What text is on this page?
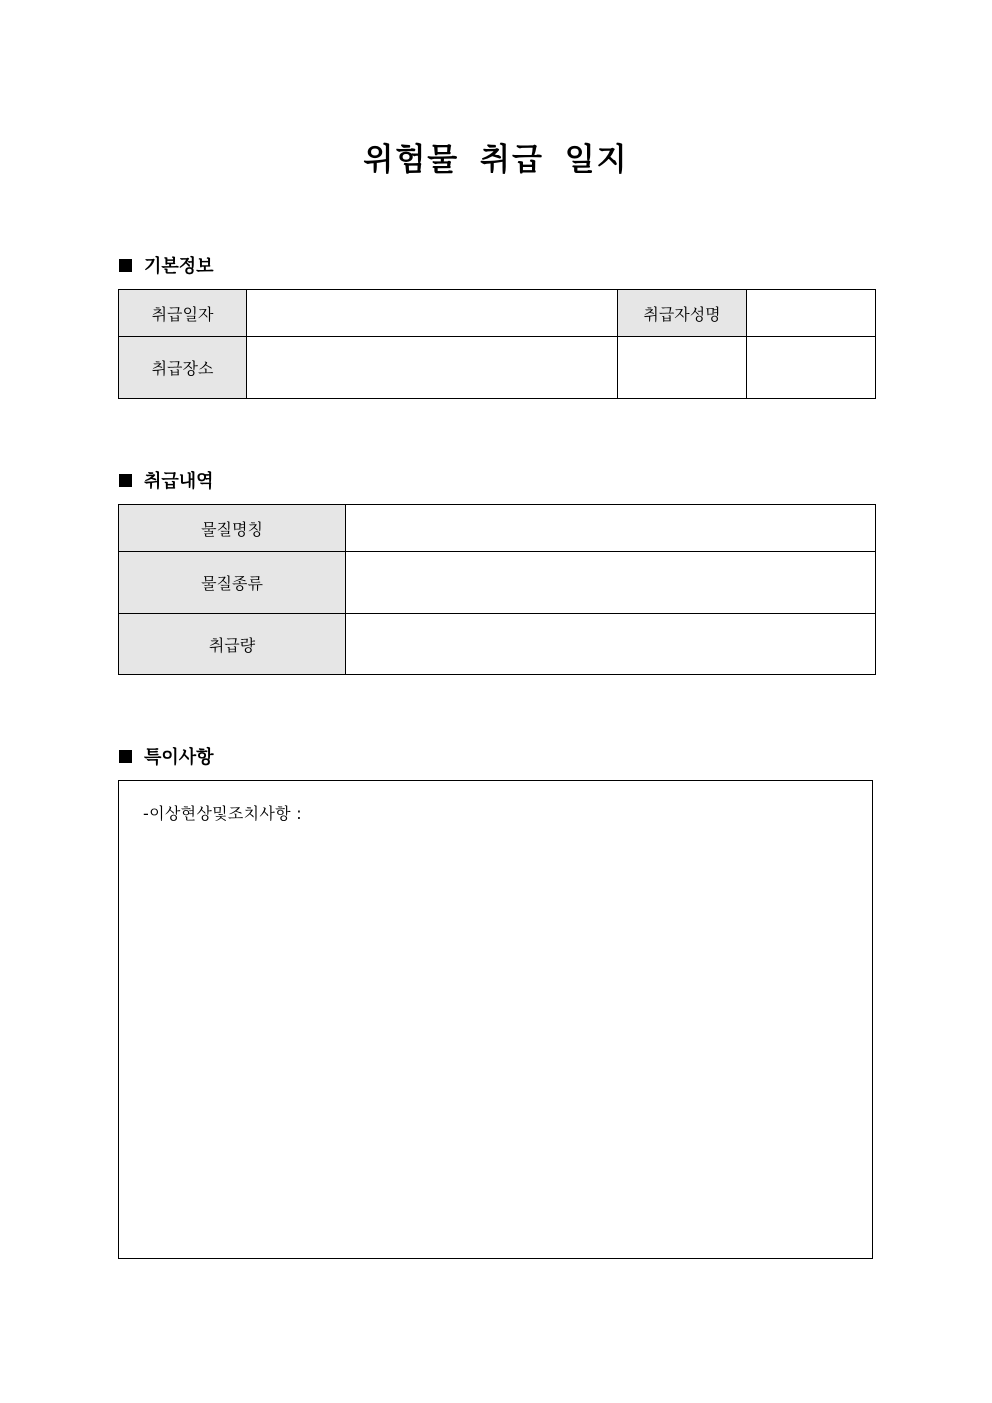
위험물 취급 일지
기본정보
취급일자		취급자성명	
취급장소			
취급내역
물질명칭	
물질종류	
취급량	
특이사항
-이상현상및조치사항 :
